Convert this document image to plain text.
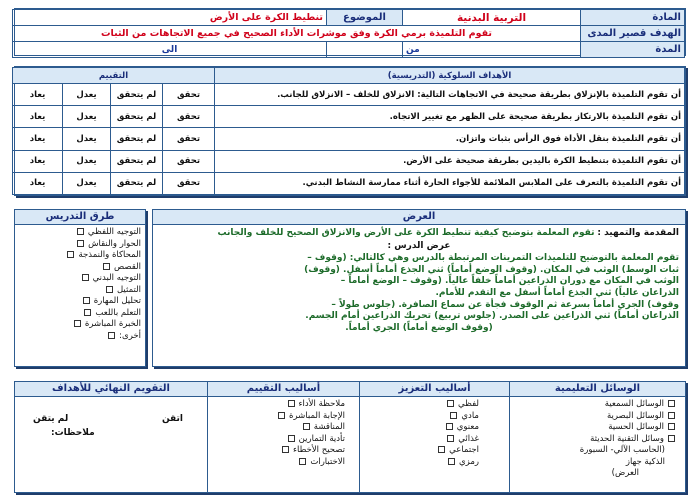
المادة	التربية البدنية	الموضوع	تنطيط الكرة على الأرض
الهدف قصير المدى	تقوم التلميذة برمي الكرة وفق موشرات الأداء الصحيح في جميع الاتجاهات من الثبات		
المدة	من		الى
الأهداف السلوكية (التدريسية)	التقييم			
أن تقوم التلميذة بالإنزلاق بطريقة صحيحة في الاتجاهات التالية: الانزلاق للخلف – الانزلاق للجانب.	تحقق	لم يتحقق	يعدل	يعاد
أن تقوم التلميذة بالارتكاز بطريقة صحيحة على الظهر مع تغيير الاتجاه.	تحقق	لم يتحقق	يعدل	يعاد
أن تقوم التلميذة بنقل الأداة فوق الرأس بثبات واتزان.	تحقق	لم يتحقق	يعدل	يعاد
أن تقوم التلميذة بتنطيط الكرة باليدين بطريقة صحيحة على الأرض.	تحقق	لم يتحقق	يعدل	يعاد
أن تقوم التلميذة بالتعرف على الملابس الملائمة للأجواء الحارة أثناء ممارسة النشاط البدني.	تحقق	لم يتحقق	يعدل	يعاد
العرض

المقدمة والتمهيد : تقوم المعلمة بتوضيح كيفية تنطيط الكرة على الأرض والانزلاق الصحيح للخلف والجانب

عرض الدرس :

تقوم المعلمة بالتوضيح للتلميذات التمرينات المرتبطة بالدرس وهي كالتالي: (وقوف –

ثبات الوسط) الوثب في المكان. (وقوف الوضع أماماً) ثني الجذع أماماً أسفل. (وقوف)

الوثب في المكان مع دوران الذراعين أماماً خلفاً عالياً. (وقوف – الوضع أماماً –

الذراعان عالياً) ثني الجذع أماماً أسفل مع التقدم للأمام.

وقوف) الجري أماماً بسرعة ثم الوقوف فجأة عن سماع الصافرة. (جلوس طولاً –

الذراعان أماماً) ثني الذراعين على الصدر. (جلوس تربيع) تحريك الذراعين أمام الجسم.

(وقوف الوضع أماماً) الجري أماماً.

طرق التدريس
التوجيه اللفظي
الحوار والنقاش
المحاكاة والنمذجة
القصص
التوجيه البدني
التمثيل
تحليل المهارة
التعلم باللعب
الخبرة المباشرة
أخرى:
الوسائل التعليمية
الوسائل السمعية
الوسائل البصرية
الوسائل الحسية
وسائل التقنية الحديثة
(الحاسب الآلي- السبورة
الذكية جهاز
العرض)
أساليب التعزيز
لفظي
مادي
معنوي
غذائي
اجتماعي
رمزي
أساليب التقييم
ملاحظة الأداء
الإجابة المباشرة
المناقشة
تأدية التمارين
تصحيح الأخطاء
الاختبارات
التقويم النهائي للأهداف
اتقن
لم يتقن
ملاحظات:
